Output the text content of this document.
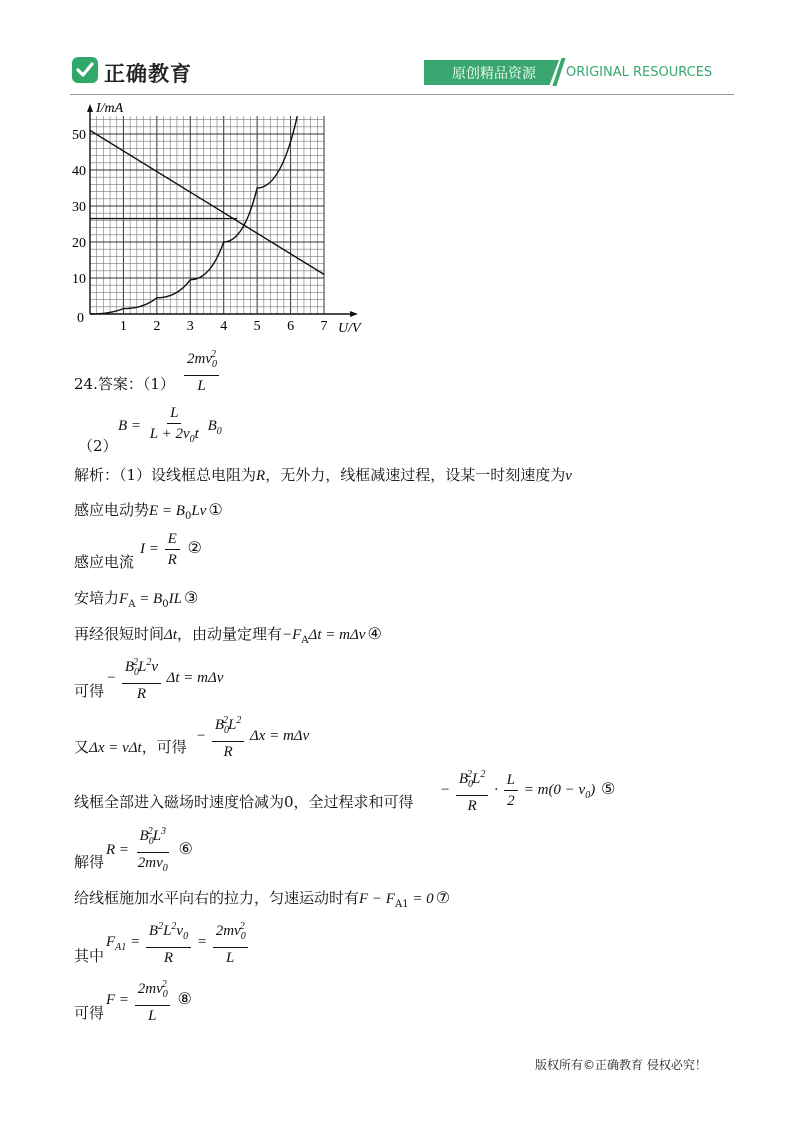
正确教育	原创精品资源 ORIGINAL RESOURCES
1 2 3 4 5 6 7
10
20
30
40
50
0
I/mA
U/V
24.答案：$(1) \frac{2mv_0^2}{L}$
（2）
$B = \frac{L}{L + 2v_0t} B_0$
解析：（1）设线框总电阻为R，无外力，线框减速过程，设某一时刻速度为v
感应电动势$E = B_0Lv$ ①
感应电流
$I = \frac{E}{R}$ ②
安培力$F_A = B_0IL$ ③
再经很短时间Δt，由动量定理有$-F_A\Delta t = m\Delta v$ ④
可得
− $\frac{B_0^2L^2v}{R}$ Δt = mΔv
又Δx = vΔt，可得
− $\frac{B_0^2L^2}{R}$ Δx = mΔv
线框全部进入磁场时速度恰减为0，全过程求和可得
− $\frac{B_0^2L^2}{R} \cdot \frac{L}{2} = m(0 - v_0)$ ⑤
解得
$R = \frac{B_0^2L^3}{2mv_0}$ ⑥
给线框施加水平向右的拉力，匀速运动时有$F - F_{A1} = 0$ ⑦
其中
$F_{A1} = \frac{B^2L^2v_0}{R} = \frac{2mv_0^2}{L}$
可得
$F = \frac{2mv_0^2}{L}$ ⑧
版权所有©正确教育 侵权必究！
